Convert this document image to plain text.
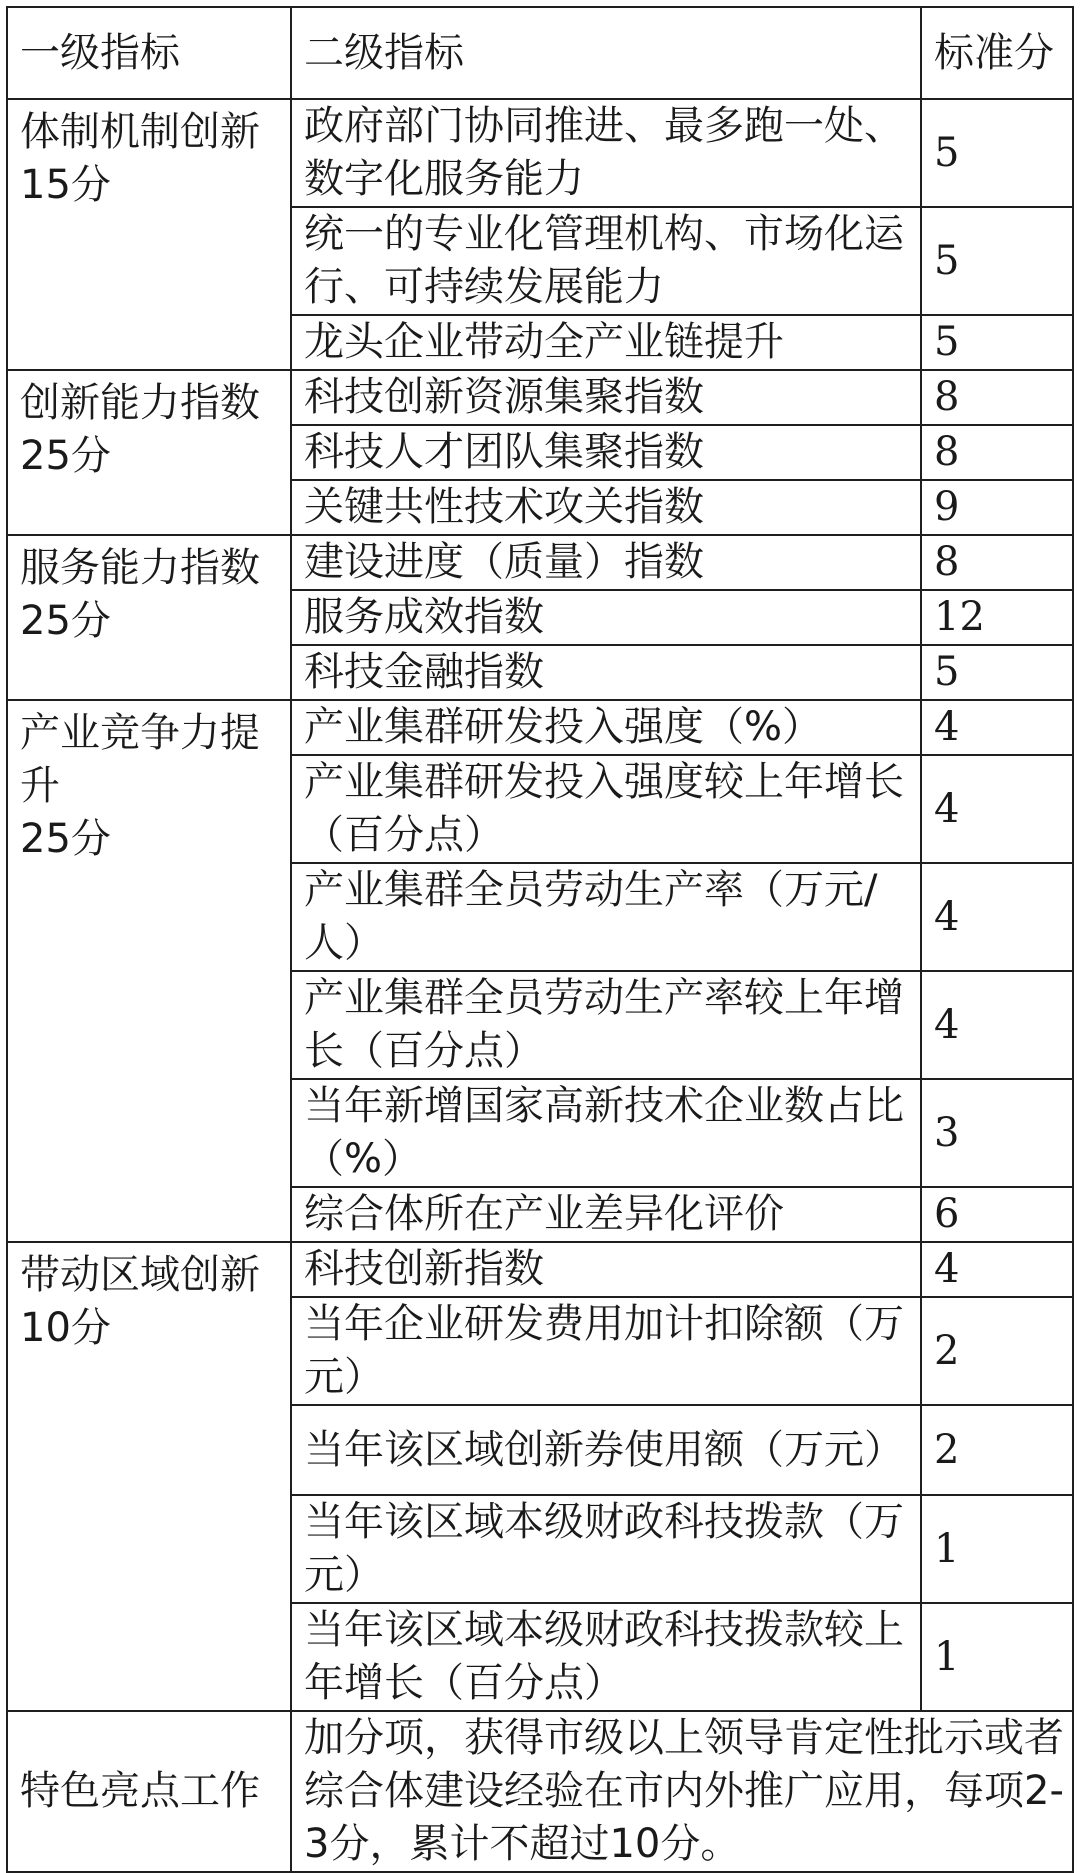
一级指标	二级指标	标准分

体制机制创新
15分	政府部门协同推进、最多跑一处、数字化服务能力	5
	统一的专业化管理机构、市场化运行、可持续发展能力	5
	龙头企业带动全产业链提升	5

创新能力指数
25分	科技创新资源集聚指数	8
	科技人才团队集聚指数	8
	关键共性技术攻关指数	9

服务能力指数
25分	建设进度（质量）指数	8
	服务成效指数	12
	科技金融指数	5

产业竞争力提升
25分	产业集群研发投入强度（%）	4
	产业集群研发投入强度较上年增长（百分点）	4
	产业集群全员劳动生产率（万元/人）	4
	产业集群全员劳动生产率较上年增长（百分点）	4
	当年新增国家高新技术企业数占比（%）	3
	综合体所在产业差异化评价	6

带动区域创新
10分	科技创新指数	4
	当年企业研发费用加计扣除额（万元）	2
	当年该区域创新券使用额（万元）	2
	当年该区域本级财政科技拨款（万元）	1
	当年该区域本级财政科技拨款较上年增长（百分点）	1
特色亮点工作	加分项，获得市级以上领导肯定性批示或者综合体建设经验在市内外推广应用，每项2-3分，累计不超过10分。	
